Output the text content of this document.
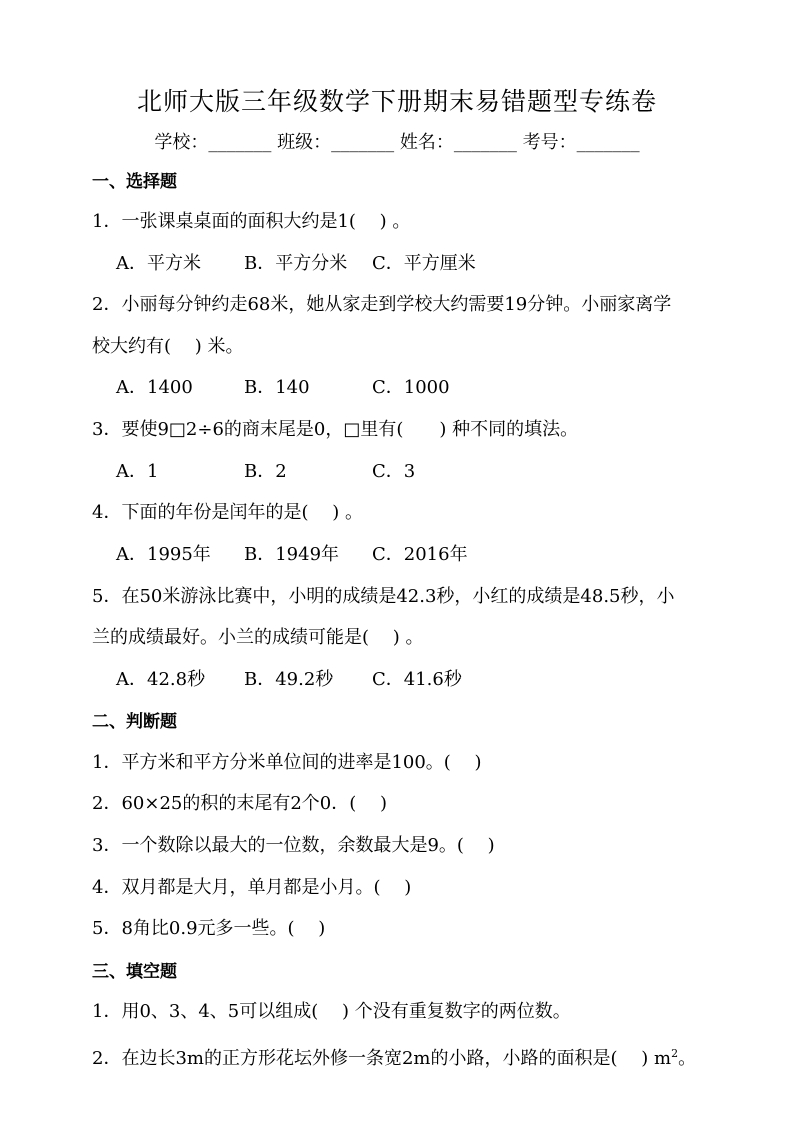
北师大版三年级数学下册期末易错题型专练卷
学校：_______ 班级：_______ 姓名：_______ 考号：_______
一、选择题
1．一张课桌桌面的面积大约是1(　 ) 。
A．平方米 B．平方分米 C．平方厘米
2．小丽每分钟约走68米，她从家走到学校大约需要19分钟。小丽家离学
校大约有(　 ) 米。
A．1400	B．140	C．1000
3．要使9□2÷6的商末尾是0，□里有(　　) 种不同的填法。
A．1	B．2	C．3
4．下面的年份是闰年的是(　 ) 。
A．1995年 B．1949年 C．2016年
5．在50米游泳比赛中，小明的成绩是42.3秒，小红的成绩是48.5秒，小
兰的成绩最好。小兰的成绩可能是(　 ) 。
A．42.8秒 B．49.2秒 C．41.6秒
二、判断题
1．平方米和平方分米单位间的进率是100。(　 )
2．60×25的积的末尾有2个0．(　 )
3．一个数除以最大的一位数，余数最大是9。(　 )
4．双月都是大月，单月都是小月。(　 )
5．8角比0.9元多一些。(　 )
三、填空题
1．用0、3、4、5可以组成(　 ) 个没有重复数字的两位数。
2．在边长3m的正方形花坛外修一条宽2m的小路，小路的面积是(　 ) $m^2$。
